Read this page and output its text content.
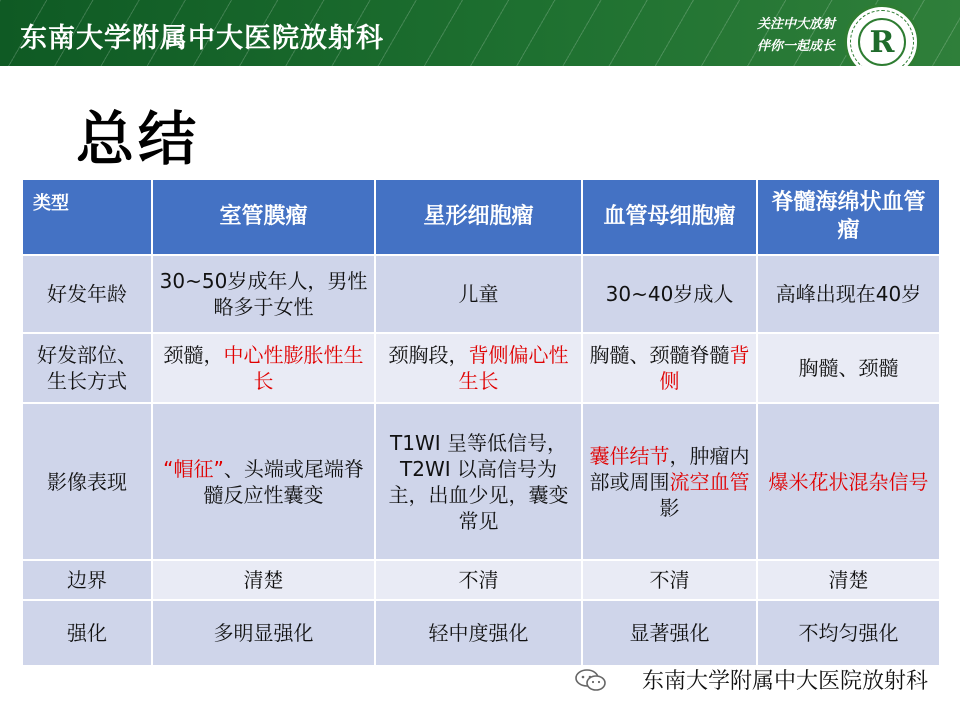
东南大学附属中大医院放射科	关注中大放射
伴你一起成长	R
总结
类型	室管膜瘤	星形细胞瘤	血管母细胞瘤	脊髓海绵状血管瘤
好发年龄	30~50岁成年人，男性略多于女性	儿童	30~40岁成人	高峰出现在40岁
好发部位、生长方式	颈髓，中心性膨胀性生长	颈胸段，背侧偏心性生长	胸髓、颈髓脊髓背侧	胸髓、颈髓
影像表现	“帽征”、头端或尾端脊髓反应性囊变	T1WI 呈等低信号，T2WI 以高信号为主，出血少见，囊变常见	囊伴结节，肿瘤内部或周围流空血管影	爆米花状混杂信号
边界	清楚	不清	不清	清楚
强化	多明显强化	轻中度强化	显著强化	不均匀强化
东南大学附属中大医院放射科
